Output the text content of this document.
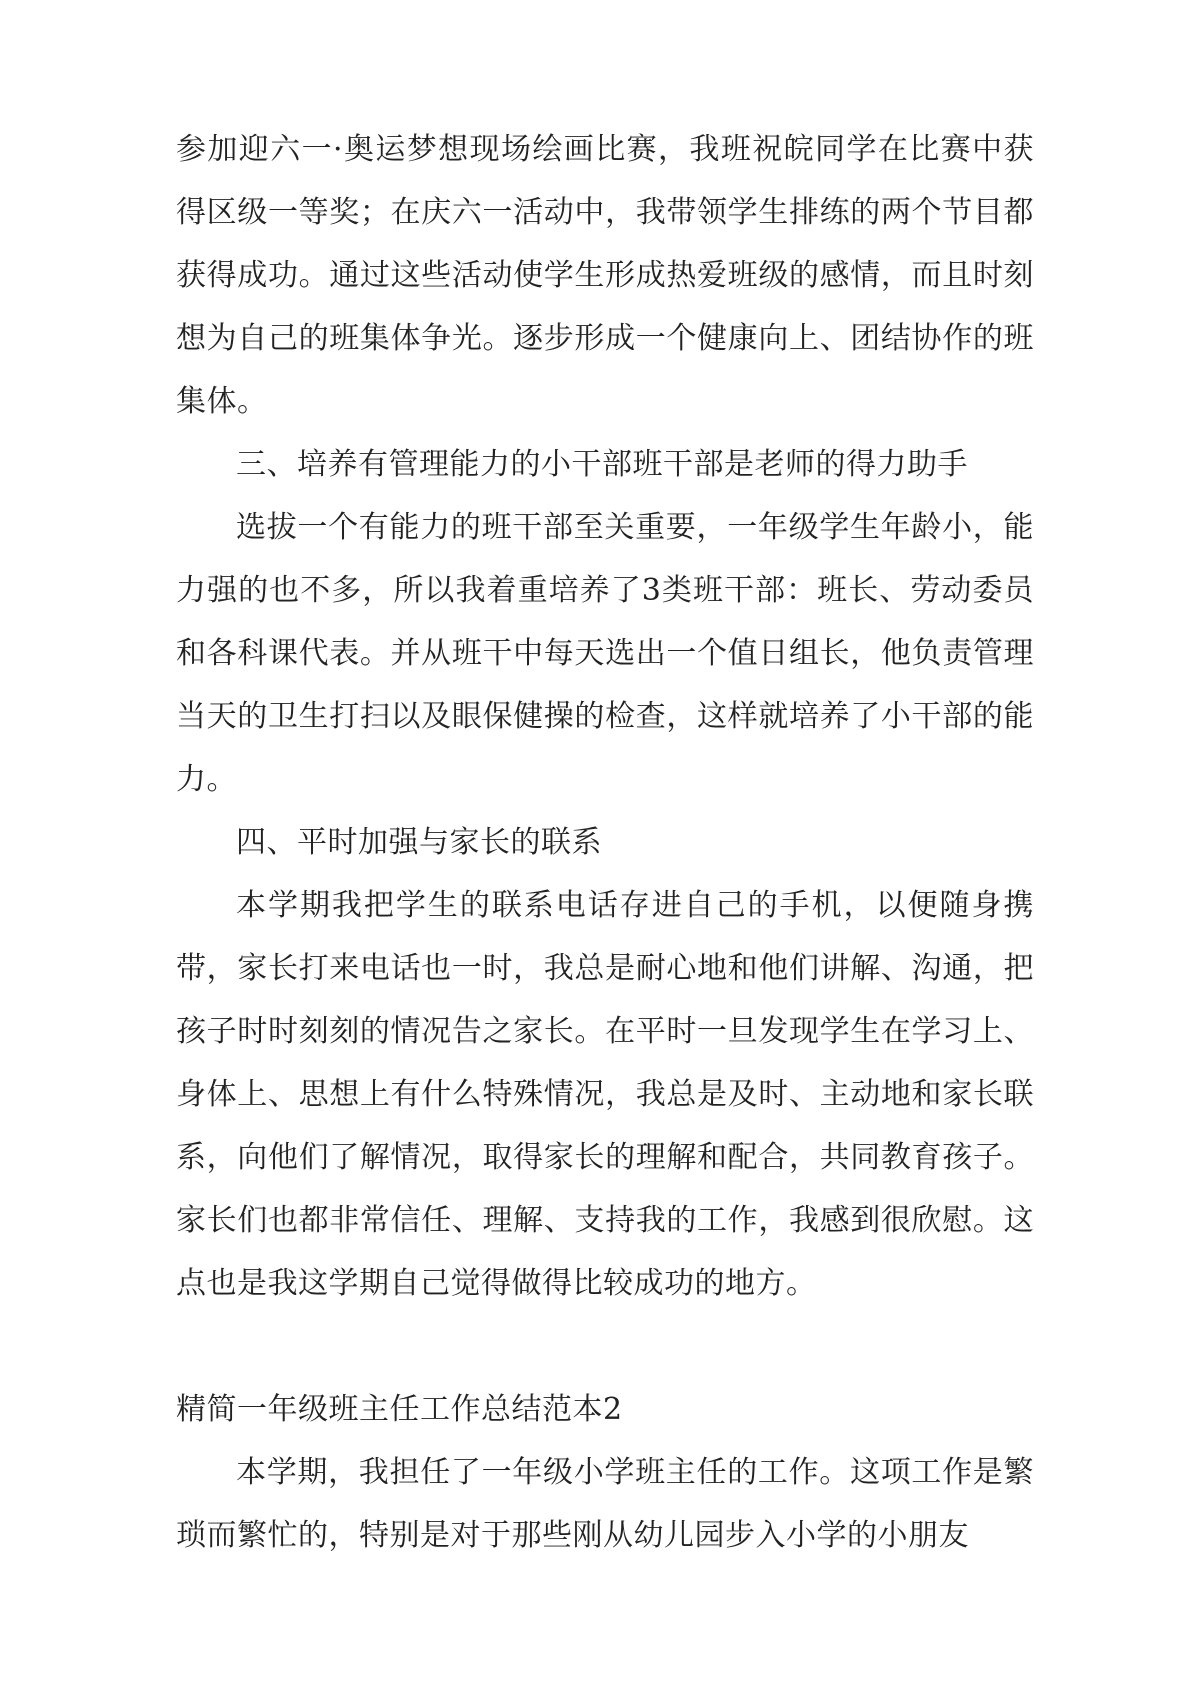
参加迎六一·奥运梦想现场绘画比赛，我班祝皖同学在比赛中获得区级一等奖；在庆六一活动中，我带领学生排练的两个节目都获得成功。通过这些活动使学生形成热爱班级的感情，而且时刻想为自己的班集体争光。逐步形成一个健康向上、团结协作的班集体。

三、培养有管理能力的小干部班干部是老师的得力助手

选拔一个有能力的班干部至关重要，一年级学生年龄小，能力强的也不多，所以我着重培养了3类班干部：班长、劳动委员和各科课代表。并从班干中每天选出一个值日组长，他负责管理当天的卫生打扫以及眼保健操的检查，这样就培养了小干部的能力。

四、平时加强与家长的联系

本学期我把学生的联系电话存进自己的手机，以便随身携带，家长打来电话也一时，我总是耐心地和他们讲解、沟通，把孩子时时刻刻的情况告之家长。在平时一旦发现学生在学习上、身体上、思想上有什么特殊情况，我总是及时、主动地和家长联系，向他们了解情况，取得家长的理解和配合，共同教育孩子。家长们也都非常信任、理解、支持我的工作，我感到很欣慰。这点也是我这学期自己觉得做得比较成功的地方。

精简一年级班主任工作总结范本2

本学期，我担任了一年级小学班主任的工作。这项工作是繁琐而繁忙的，特别是对于那些刚从幼儿园步入小学的小朋友
